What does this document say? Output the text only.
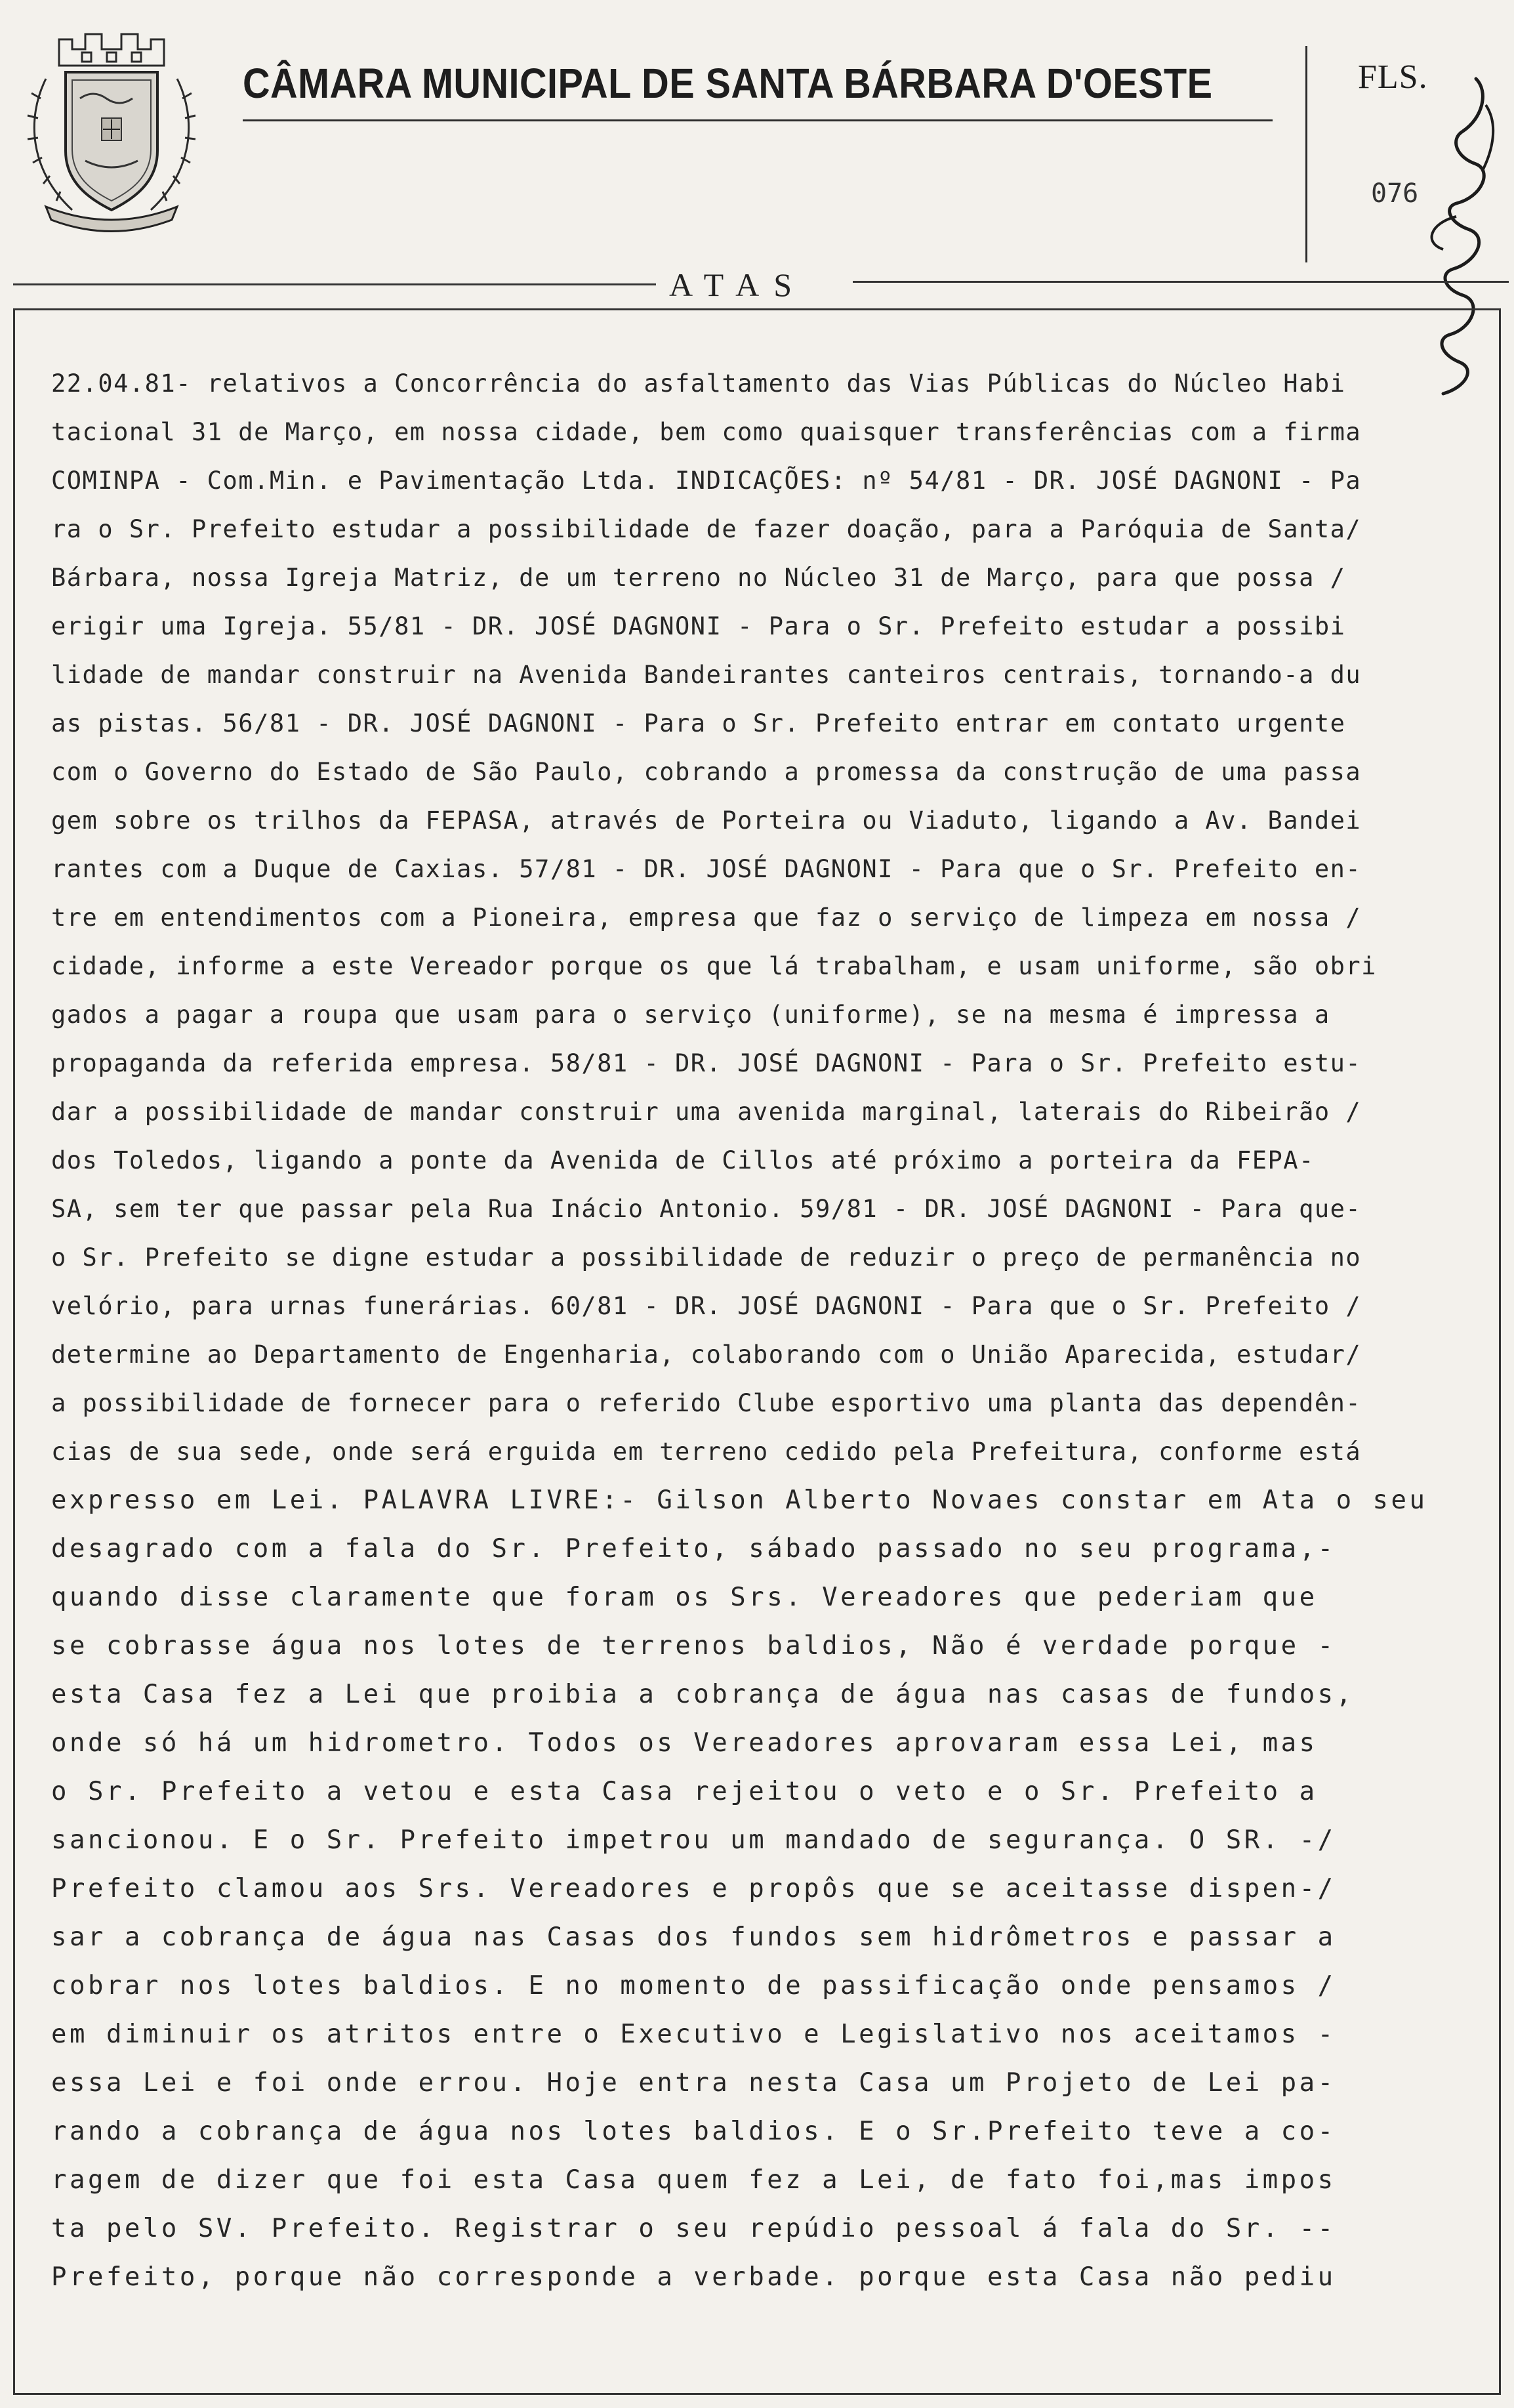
CÂMARA MUNICIPAL DE SANTA BÁRBARA D'OESTE	FLS.
076
ATAS
22.04.81- relativos a Concorrência do asfaltamento das Vias Públicas do Núcleo Habi
tacional 31 de Março, em nossa cidade, bem como quaisquer transferências com a firma
COMINPA - Com.Min. e Pavimentação Ltda. INDICAÇÕES: nº 54/81 - DR. JOSÉ DAGNONI - Pa
ra o Sr. Prefeito estudar a possibilidade de fazer doação, para a Paróquia de Santa/
Bárbara, nossa Igreja Matriz, de um terreno no Núcleo 31 de Março, para que possa /
erigir uma Igreja. 55/81 - DR. JOSÉ DAGNONI - Para o Sr. Prefeito estudar a possibi
lidade de mandar construir na Avenida Bandeirantes canteiros centrais, tornando-a du
as pistas. 56/81 - DR. JOSÉ DAGNONI - Para o Sr. Prefeito entrar em contato urgente
com o Governo do Estado de São Paulo, cobrando a promessa da construção de uma passa
gem sobre os trilhos da FEPASA, através de Porteira ou Viaduto, ligando a Av. Bandei
rantes com a Duque de Caxias. 57/81 - DR. JOSÉ DAGNONI - Para que o Sr. Prefeito en-
tre em entendimentos com a Pioneira, empresa que faz o serviço de limpeza em nossa /
cidade, informe a este Vereador porque os que lá trabalham, e usam uniforme, são obri
gados a pagar a roupa que usam para o serviço (uniforme), se na mesma é impressa a
propaganda da referida empresa. 58/81 - DR. JOSÉ DAGNONI - Para o Sr. Prefeito estu-
dar a possibilidade de mandar construir uma avenida marginal, laterais do Ribeirão /
dos Toledos, ligando a ponte da Avenida de Cillos até próximo a porteira da FEPA-
SA, sem ter que passar pela Rua Inácio Antonio. 59/81 - DR. JOSÉ DAGNONI - Para que-
o Sr. Prefeito se digne estudar a possibilidade de reduzir o preço de permanência no
velório, para urnas funerárias. 60/81 - DR. JOSÉ DAGNONI - Para que o Sr. Prefeito /
determine ao Departamento de Engenharia, colaborando com o União Aparecida, estudar/
a possibilidade de fornecer para o referido Clube esportivo uma planta das dependên-
cias de sua sede, onde será erguida em terreno cedido pela Prefeitura, conforme está
expresso em Lei. PALAVRA LIVRE:- Gilson Alberto Novaes constar em Ata o seu
desagrado com a fala do Sr. Prefeito, sábado passado no seu programa,-
quando disse claramente que foram os Srs. Vereadores que pederiam que
se cobrasse água nos lotes de terrenos baldios, Não é verdade porque -
esta Casa fez a Lei que proibia a cobrança de água nas casas de fundos,
onde só há um hidrometro. Todos os Vereadores aprovaram essa Lei, mas
o Sr. Prefeito a vetou e esta Casa rejeitou o veto e o Sr. Prefeito a
sancionou. E o Sr. Prefeito impetrou um mandado de segurança. O SR. -/
Prefeito clamou aos Srs. Vereadores e propôs que se aceitasse dispen-/
sar a cobrança de água nas Casas dos fundos sem hidrômetros e passar a
cobrar nos lotes baldios. E no momento de passificação onde pensamos /
em diminuir os atritos entre o Executivo e Legislativo nos aceitamos -
essa Lei e foi onde errou. Hoje entra nesta Casa um Projeto de Lei pa-
rando a cobrança de água nos lotes baldios. E o Sr.Prefeito teve a co-
ragem de dizer que foi esta Casa quem fez a Lei, de fato foi,mas impos
ta pelo SV. Prefeito. Registrar o seu repúdio pessoal á fala do Sr. --
Prefeito, porque não corresponde a verbade. porque esta Casa não pediu
